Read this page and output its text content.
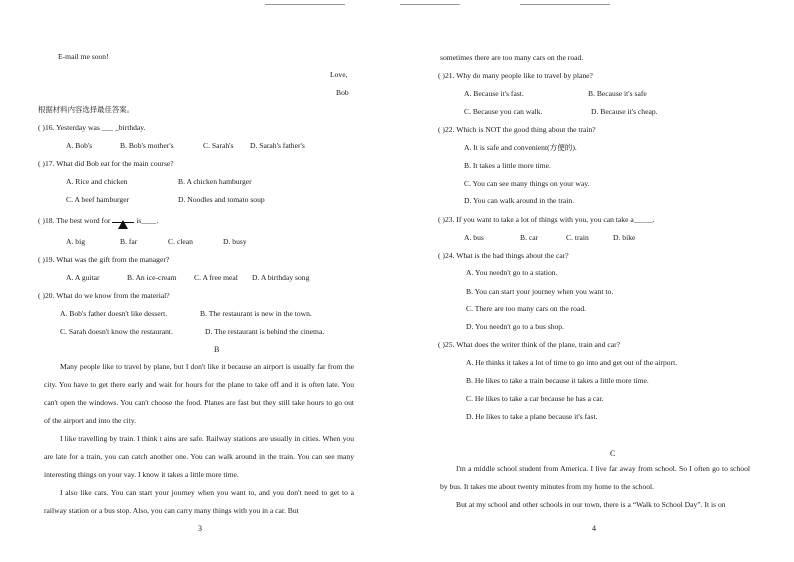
E-mail me soon!
Love,
Bob
根据材料内容选择最佳答案。
( )16. Yesterday was ___ _birthday.
A. Bob's	B. Bob's mother's	C. Sarah's D. Sarah's father's
( )17. What did Bob eat for the main course?
A. Rice and chicken	B. A chicken hamburger
C. A beef hamburger	D. Noodles and tomato soup
( )18. The best word for	is____.
A. big	B. far	C. clean	D. busy
( )19. What was the gift from the manager?
A. A guitar	B. An ice-cream C. A free meal D. A birthday song
( )20. What do we know from the material?
A. Bob's father doesn't like dessert.	B. The restaurant is new in the town.
C. Sarah doesn't know the restaurant.	D. The restaurant is behind the cinema.
B
Many people like to travel by plane, but I don't like it because an airport is usually far from the city. You have to get there early and wait for hours for the plane to take off and it is often late. You can't open the windows. You can't choose the food. Planes are fast but they still take hours to go out of the airport and into the city.
I like travelling by train. I think t ains are safe. Railway stations are usually in cities. When you are late for a train, you can catch another one. You can walk around in the train. You can see many interesting things on your vay. I know it takes a little more time.
I also like cars. You can start your journey when you want to, and you don't need to get to a railway station or a bus stop. Also, you can carry many things with you in a car. But
3
sometimes there are too many cars on the road.
( )21. Why do many people like to travel by plane?
A. Because it's fast.	B. Because it's safe
C. Because you can walk.	D. Because it's cheap.
( )22. Which is NOT the good thing about the train?
A. It is safe and convenient(方便的).
B. It takes a little more time.
C. You can see many things on your way.
D. You can walk around in the train.
( )23. If you want to take a lot of things with you, you can take a_____.
A. bus	B. car	C. train	D. bike
( )24. What is the bad things about the car?
A. You needn't go to a station.
B. You can start your journey when you want to.
C. There are too many cars on the road.
D. You needn't go to a bus shop.
( )25. What does the writer think of the plane, train and car?
A. He thinks it takes a lot of time to go into and get out of the airport.
B. He likes to take a train because it takes a little more time.
C. He likes to take a car because he has a car.
D. He likes to take a plane because it's fast.
C
I'm a middle school student from America. I live far away from school. So I often go to school by bus. It takes me about twenty minutes from my home to the school.
But at my school and other schools in our town, there is a “Walk to School Day”. It is on
4
